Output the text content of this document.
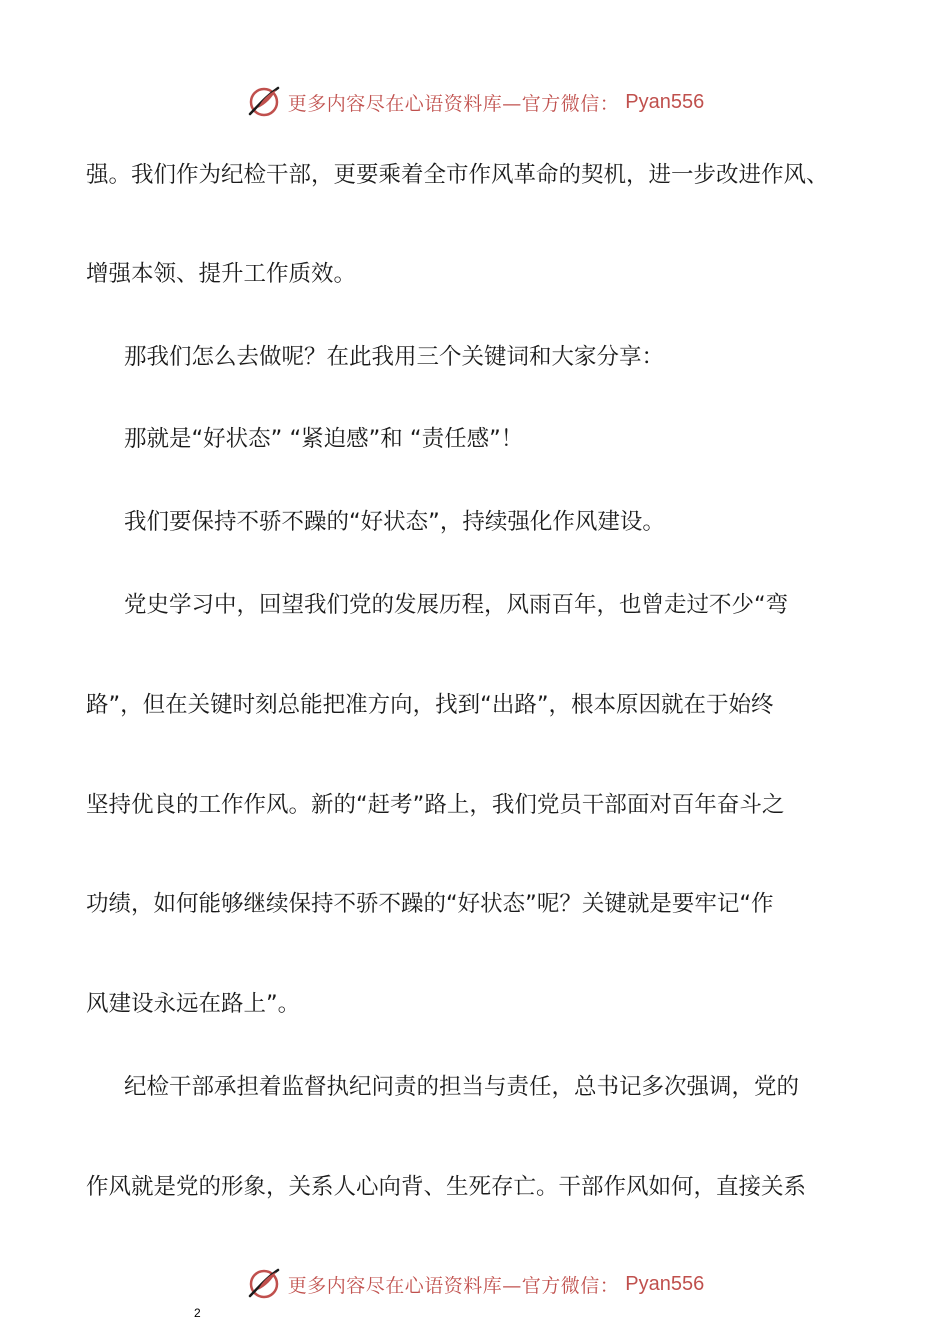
更多内容尽在心语资料库—官方微信： Pyan556
强。我们作为纪检干部，更要乘着全市作风革命的契机，进一步改进作风、
增强本领、提升工作质效。
那我们怎么去做呢？在此我用三个关键词和大家分享：
那就是“好状态” “紧迫感”和 “责任感”！
我们要保持不骄不躁的“好状态”，持续强化作风建设。
党史学习中，回望我们党的发展历程，风雨百年，也曾走过不少“弯
路”，但在关键时刻总能把准方向，找到“出路”，根本原因就在于始终
坚持优良的工作作风。新的“赶考”路上，我们党员干部面对百年奋斗之
功绩，如何能够继续保持不骄不躁的“好状态”呢？关键就是要牢记“作
风建设永远在路上”。
纪检干部承担着监督执纪问责的担当与责任，总书记多次强调，党的
作风就是党的形象，关系人心向背、生死存亡。干部作风如何，直接关系
更多内容尽在心语资料库—官方微信： Pyan556
2
